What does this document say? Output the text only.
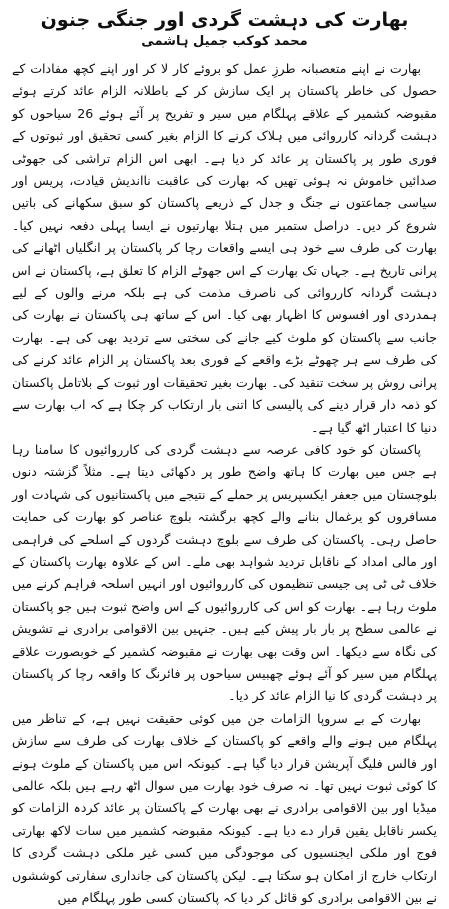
بھارت کی دہشت گردی اور جنگی جنون
محمد کوکب جمیل ہاشمی

بھارت نے اپنے متعصبانہ طرزِ عمل کو بروئے کار لا کر اور اپنے کچھ مفادات کے حصول کی خاطر پاکستان پر ایک سازش کر کے باطلانہ الزام عائد کرتے ہوئے مقبوضہ کشمیر کے علاقے پہلگام میں سیر و تفریح پر آئے ہوئے 26 سیاحوں کو دہشت گردانہ کارروائی میں ہلاک کرنے کا الزام بغیر کسی تحقیق اور ثبوتوں کے فوری طور پر پاکستان پر عائد کر دیا ہے۔ ابھی اس الزام تراشی کی جھوٹی صدائیں خاموش نہ ہوئی تھیں کہ بھارت کی عاقبت نااندیش قیادت، پریس اور سیاسی جماعتوں نے جنگ و جدل کے ذریعے پاکستان کو سبق سکھانے کی باتیں شروع کر دیں۔ دراصل ستمبر میں ہتلا بھارتیوں نے ایسا پہلی دفعہ نہیں کیا۔ بھارت کی طرف سے خود ہی ایسے واقعات رچا کر پاکستان پر انگلیاں اٹھانے کی پرانی تاریخ ہے۔ جہاں تک بھارت کے اس جھوٹے الزام کا تعلق ہے، پاکستان نے اس دہشت گردانہ کارروائی کی ناصرف مذمت کی ہے بلکہ مرنے والوں کے لیے ہمدردی اور افسوس کا اظہار بھی کیا۔ اس کے ساتھ ہی پاکستان نے بھارت کی جانب سے پاکستان کو ملوث کیے جانے کی سختی سے تردید بھی کی ہے۔ بھارت کی طرف سے ہر چھوٹے بڑے واقعے کے فوری بعد پاکستان پر الزام عائد کرنے کی پرانی روش پر سخت تنقید کی۔ بھارت بغیر تحقیقات اور ثبوت کے بلاتامل پاکستان کو ذمہ دار قرار دینے کی پالیسی کا اتنی بار ارتکاب کر چکا ہے کہ اب بھارت سے دنیا کا اعتبار اٹھ گیا ہے۔

پاکستان کو خود کافی عرصہ سے دہشت گردی کی کارروائیوں کا سامنا رہا ہے جس میں بھارت کا ہاتھ واضح طور پر دکھائی دیتا ہے۔ مثلاً گزشتہ دنوں بلوچستان میں جعفر ایکسپریس پر حملے کے نتیجے میں پاکستانیوں کی شہادت اور مسافروں کو یرغمال بنانے والے کچھ برگشتہ بلوچ عناصر کو بھارت کی حمایت حاصل رہی۔ پاکستان کی طرف سے بلوچ دہشت گردوں کے اسلحے کی فراہمی اور مالی امداد کے ناقابل تردید شواہد بھی ملے۔ اس کے علاوہ بھارت پاکستان کے خلاف ٹی ٹی پی جیسی تنظیموں کی کارروائیوں اور انہیں اسلحہ فراہم کرنے میں ملوث رہا ہے۔ بھارت کو اس کی کارروائیوں کے اس واضح ثبوت ہیں جو پاکستان نے عالمی سطح پر بار بار پیش کیے ہیں۔ جنہیں بین الاقوامی برادری نے تشویش کی نگاہ سے دیکھا۔ اس وقت بھی بھارت نے مقبوضہ کشمیر کے خوبصورت علاقے پہلگام میں سیر کو آئے ہوئے چھبیس سیاحوں پر فائرنگ کا واقعہ رچا کر پاکستان پر دہشت گردی کا نیا الزام عائد کر دیا۔

بھارت کے بے سروپا الزامات جن میں کوئی حقیقت نہیں ہے، کے تناظر میں پہلگام میں ہونے والے واقعے کو پاکستان کے خلاف بھارت کی طرف سے سازش اور فالس فلیگ آپریشن قرار دیا گیا ہے۔ کیونکہ اس میں پاکستان کے ملوث ہونے کا کوئی ثبوت نہیں تھا۔ نہ صرف خود بھارت میں سوال اٹھ رہے ہیں بلکہ عالمی میڈیا اور بین الاقوامی برادری نے بھی بھارت کے پاکستان پر عائد کردہ الزامات کو یکسر ناقابل یقین قرار دے دیا ہے۔ کیونکہ مقبوضہ کشمیر میں سات لاکھ بھارتی فوج اور ملکی ایجنسیوں کی موجودگی میں کسی غیر ملکی دہشت گردی کا ارتکاب خارج از امکان ہو سکتا ہے۔ لیکن پاکستان کی جانداری سفارتی کوششوں نے بین الاقوامی برادری کو قائل کر دیا کہ پاکستان کسی طور پہلگام میں
